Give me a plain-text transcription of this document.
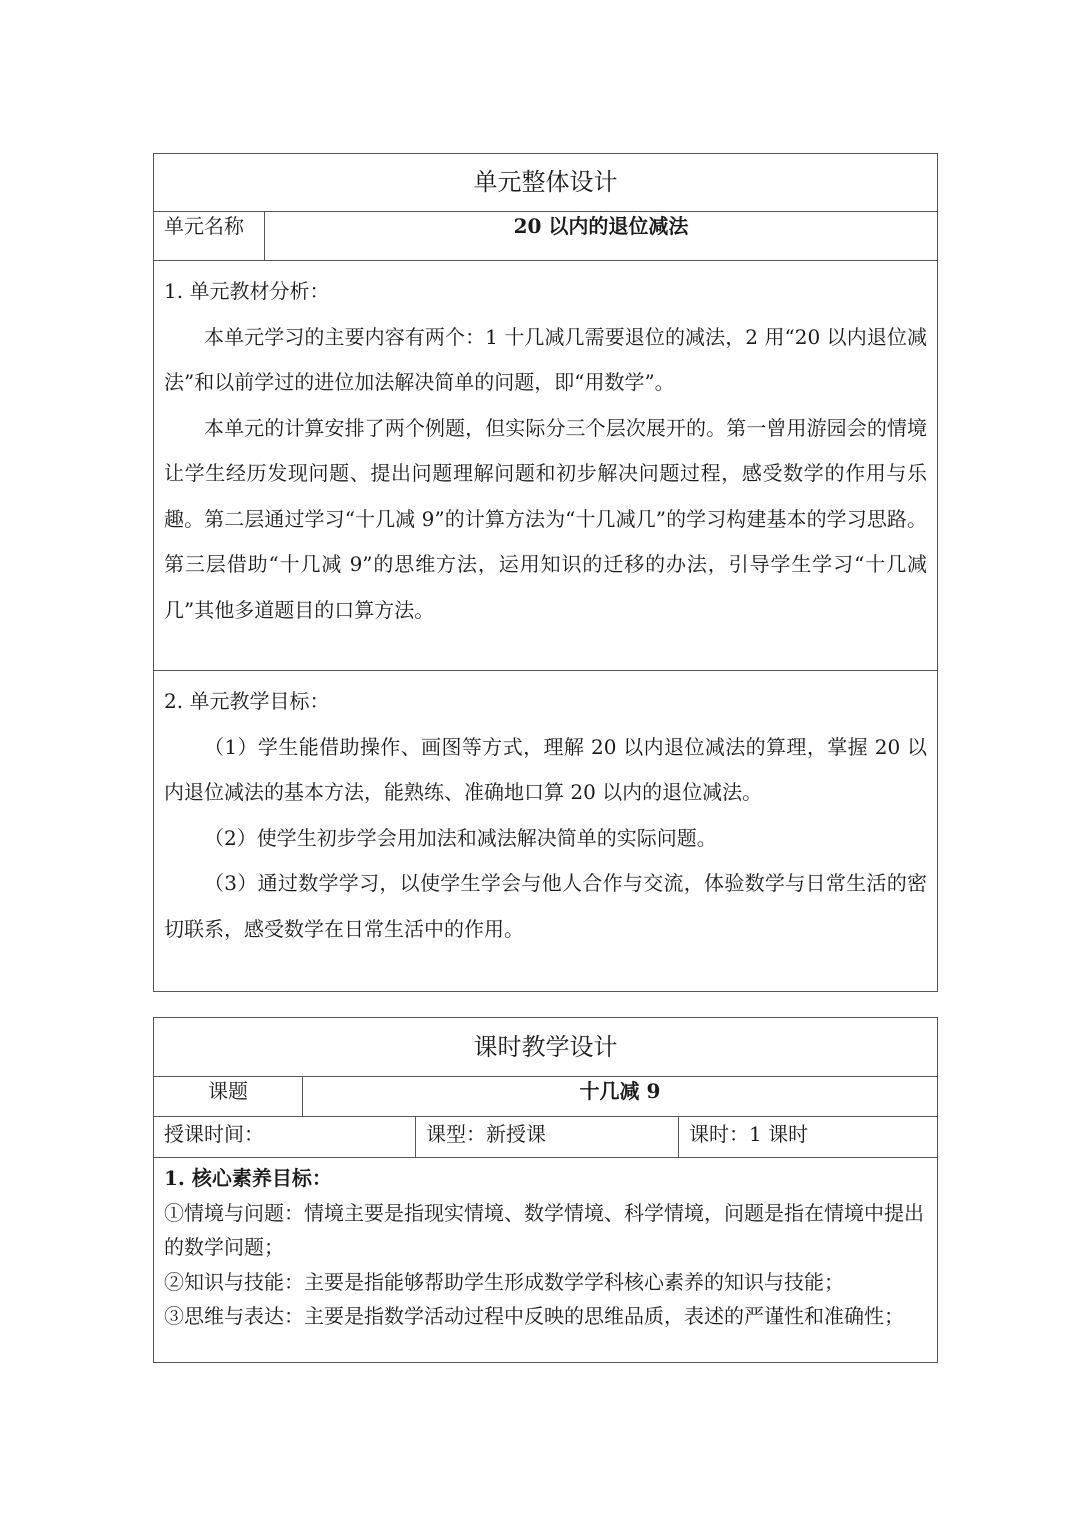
单元整体设计
单元名称	20 以内的退位减法

1. 单元教材分析：

本单元学习的主要内容有两个：1 十几减几需要退位的减法，2 用“20 以内退位减法”和以前学过的进位加法解决简单的问题，即“用数学”。

本单元的计算安排了两个例题，但实际分三个层次展开的。第一曾用游园会的情境让学生经历发现问题、提出问题理解问题和初步解决问题过程，感受数学的作用与乐趣。第二层通过学习“十几减 9”的计算方法为“十几减几”的学习构建基本的学习思路。第三层借助“十几减 9”的思维方法，运用知识的迁移的办法，引导学生学习“十几减几”其他多道题目的口算方法。

2. 单元教学目标：

（1）学生能借助操作、画图等方式，理解 20 以内退位减法的算理，掌握 20 以内退位减法的基本方法，能熟练、准确地口算 20 以内的退位减法。

（2）使学生初步学会用加法和减法解决简单的实际问题。

（3）通过数学学习，以使学生学会与他人合作与交流，体验数学与日常生活的密切联系，感受数学在日常生活中的作用。

课时教学设计
课题	十几减 9
授课时间：	课型：新授课	课时：1 课时

1. 核心素养目标：

①情境与问题：情境主要是指现实情境、数学情境、科学情境，问题是指在情境中提出的数学问题；

②知识与技能：主要是指能够帮助学生形成数学学科核心素养的知识与技能；

③思维与表达：主要是指数学活动过程中反映的思维品质，表述的严谨性和准确性；
